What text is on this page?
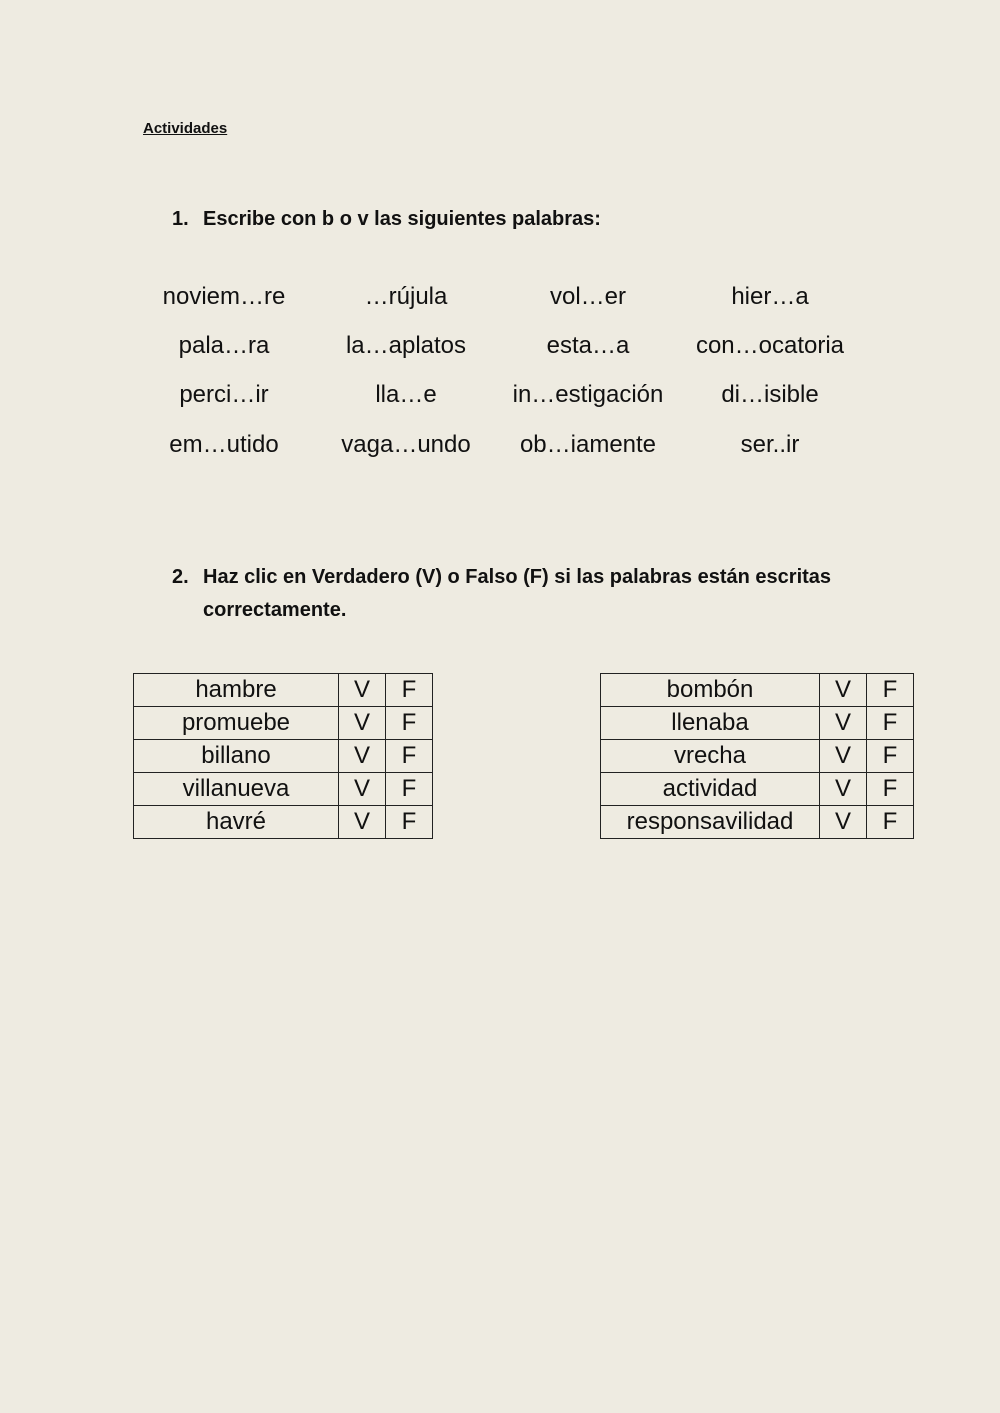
Actividades
1. Escribe con b o v las siguientes palabras:
noviem…re	…rújula	vol…er	hier…a
pala…ra	la…aplatos	esta…a	con…ocatoria
perci…ir	lla…e	in…estigación	di…isible
em…utido	vaga…undo	ob…iamente	ser..ir
2. Haz clic en Verdadero (V) o Falso (F) si las palabras están escritas correctamente.
hambre	V	F
promuebe	V	F
billano	V	F
villanueva	V	F
havré	V	F
bombón	V	F
llenaba	V	F
vrecha	V	F
actividad	V	F
responsavilidad	V	F
